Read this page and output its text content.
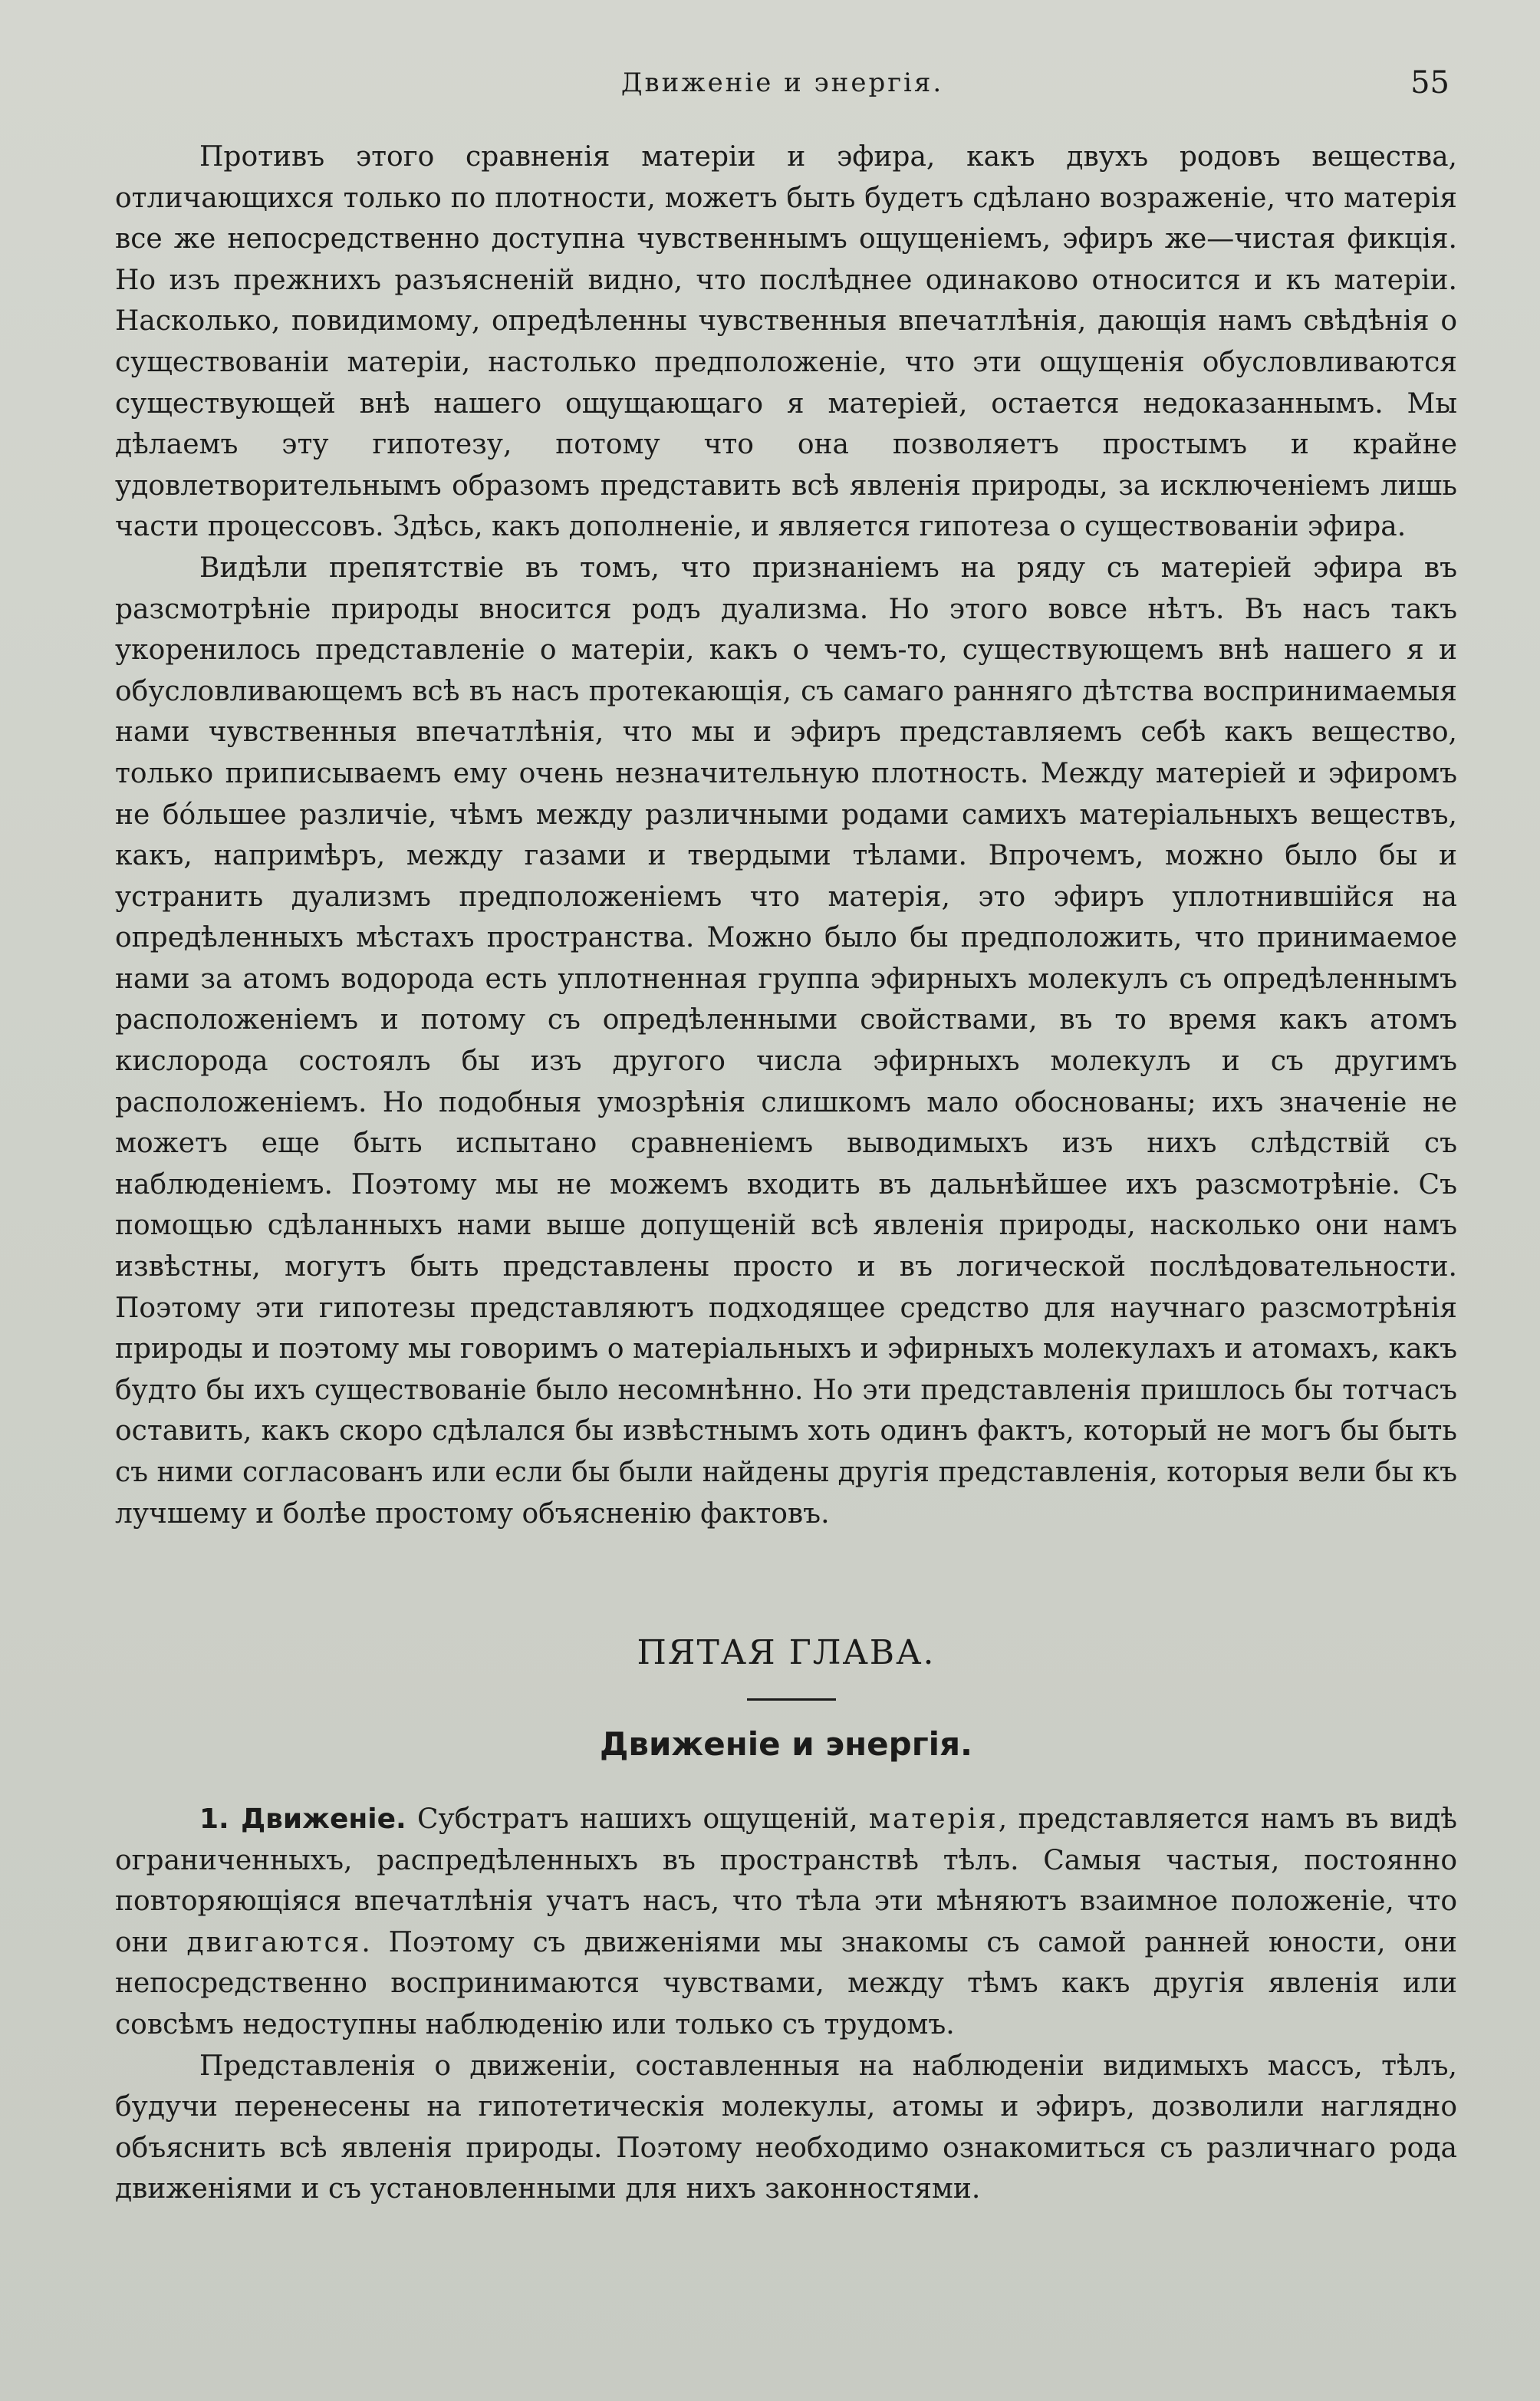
Движеніе и энергія.	55

Противъ этого сравненія матеріи и эфира, какъ двухъ родовъ вещества, отличающихся только по плотности, можетъ быть будетъ сдѣлано возраженіе, что матерія все же непосредственно доступна чувственнымъ ощущеніемъ, эфиръ же—чистая фикція. Но изъ прежнихъ разъясненій видно, что послѣднее одинаково относится и къ матеріи. Насколько, повидимому, опредѣленны чувственныя впечатлѣнія, дающія намъ свѣдѣнія о существованіи матеріи, настолько предположеніе, что эти ощущенія обусловливаются существующей внѣ нашего ощущающаго я матеріей, остается недоказаннымъ. Мы дѣлаемъ эту гипотезу, потому что она позволяетъ простымъ и крайне удовлетворительнымъ образомъ представить всѣ явленія природы, за исключеніемъ лишь части процессовъ. Здѣсь, какъ дополненіе, и является гипотеза о существованіи эфира.

Видѣли препятствіе въ томъ, что признаніемъ на ряду съ матеріей эфира въ разсмотрѣніе природы вносится родъ дуализма. Но этого вовсе нѣтъ. Въ насъ такъ укоренилось представленіе о матеріи, какъ о чемъ-то, существующемъ внѣ нашего я и обусловливающемъ всѣ въ насъ протекающія, съ самаго ранняго дѣтства воспринимаемыя нами чувственныя впечатлѣнія, что мы и эфиръ представляемъ себѣ какъ вещество, только приписываемъ ему очень незначительную плотность. Между матеріей и эфиромъ не бóльшее различіе, чѣмъ между различными родами самихъ матеріальныхъ веществъ, какъ, напримѣръ, между газами и твердыми тѣлами. Впрочемъ, можно было бы и устранить дуализмъ предположеніемъ что матерія, это эфиръ уплотнившійся на опредѣленныхъ мѣстахъ пространства. Можно было бы предположить, что принимаемое нами за атомъ водорода есть уплотненная группа эфирныхъ молекулъ съ опредѣленнымъ расположеніемъ и потому съ опредѣленными свойствами, въ то время какъ атомъ кислорода состоялъ бы изъ другого числа эфирныхъ молекулъ и съ другимъ расположеніемъ. Но подобныя умозрѣнія слишкомъ мало обоснованы; ихъ значеніе не можетъ еще быть испытано сравненіемъ выводимыхъ изъ нихъ слѣдствій съ наблюденіемъ. Поэтому мы не можемъ входить въ дальнѣйшее ихъ разсмотрѣніе. Съ помощью сдѣланныхъ нами выше допущеній всѣ явленія природы, насколько они намъ извѣстны, могутъ быть представлены просто и въ логической послѣдовательности. Поэтому эти гипотезы представляютъ подходящее средство для научнаго разсмотрѣнія природы и поэтому мы говоримъ о матеріальныхъ и эфирныхъ молекулахъ и атомахъ, какъ будто бы ихъ существованіе было несомнѣнно. Но эти представленія пришлось бы тотчасъ оставить, какъ скоро сдѣлался бы извѣстнымъ хоть одинъ фактъ, который не могъ бы быть съ ними согласованъ или если бы были найдены другія представленія, которыя вели бы къ лучшему и болѣе простому объясненію фактовъ.

ПЯТАЯ ГЛАВА.
Движеніе и энергія.

1. Движеніе. Субстратъ нашихъ ощущеній, матерія, представляется намъ въ видѣ ограниченныхъ, распредѣленныхъ въ пространствѣ тѣлъ. Самыя частыя, постоянно повторяющіяся впечатлѣнія учатъ насъ, что тѣла эти мѣняютъ взаимное положеніе, что они двигаются. Поэтому съ движеніями мы знакомы съ самой ранней юности, они непосредственно воспринимаются чувствами, между тѣмъ какъ другія явленія или совсѣмъ недоступны наблюденію или только съ трудомъ.

Представленія о движеніи, составленныя на наблюденіи видимыхъ массъ, тѣлъ, будучи перенесены на гипотетическія молекулы, атомы и эфиръ, дозволили наглядно объяснить всѣ явленія природы. Поэтому необходимо ознакомиться съ различнаго рода движеніями и съ установленными для нихъ законностями.
